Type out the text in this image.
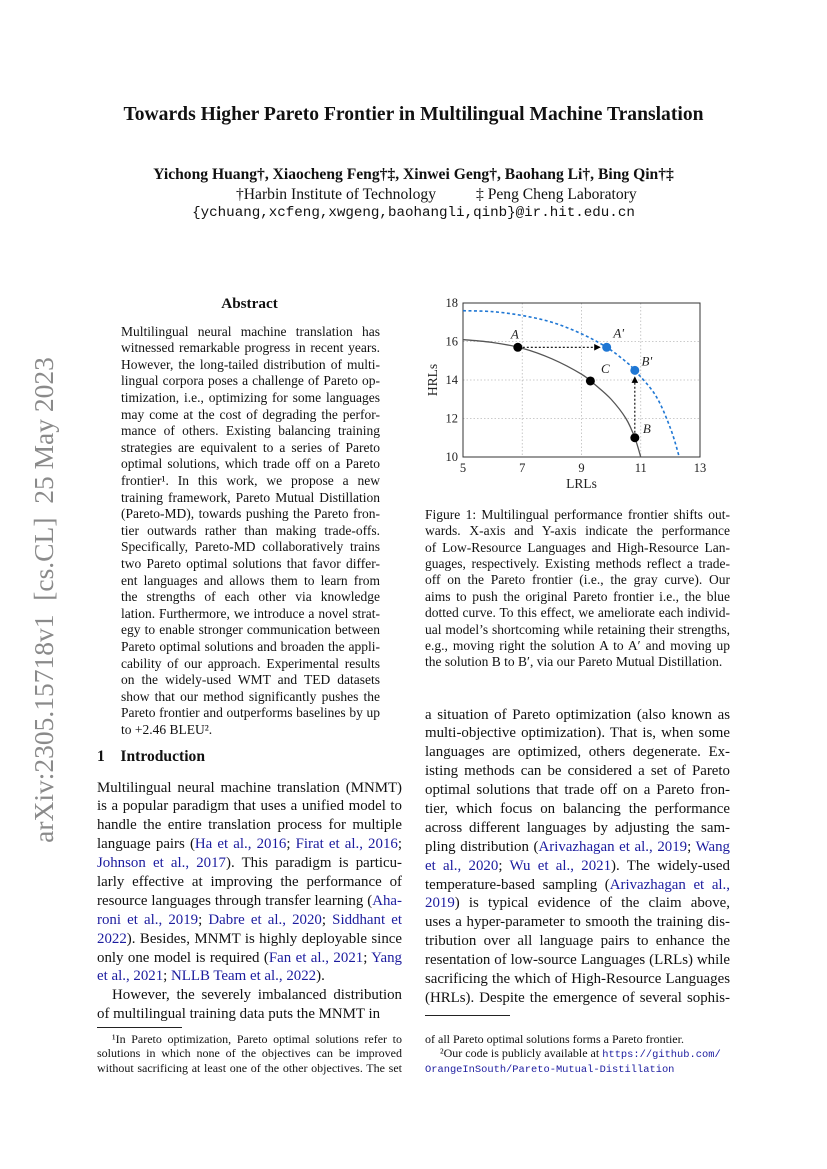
arXiv:2305.15718v1  [cs.CL]  25 May 2023
Towards Higher Pareto Frontier in Multilingual Machine Translation
Yichong Huang†, Xiaocheng Feng†‡, Xinwei Geng†, Baohang Li†, Bing Qin†‡
†Harbin Institute of Technology	‡ Peng Cheng Laboratory
{ychuang,xcfeng,xwgeng,baohangli,qinb}@ir.hit.edu.cn
Abstract
Multilingual neural machine translation has
witnessed remarkable progress in recent years.
However, the long-tailed distribution of multi-
lingual corpora poses a challenge of Pareto op-
timization, i.e., optimizing for some languages
may come at the cost of degrading the perfor-
mance of others. Existing balancing training
strategies are equivalent to a series of Pareto
optimal solutions, which trade off on a Pareto
frontier¹. In this work, we propose a new
training framework, Pareto Mutual Distillation
(Pareto-MD), towards pushing the Pareto fron-
tier outwards rather than making trade-offs.
Specifically, Pareto-MD collaboratively trains
two Pareto optimal solutions that favor differ-
ent languages and allows them to learn from
the strengths of each other via knowledge
lation. Furthermore, we introduce a novel strat-
egy to enable stronger communication between
Pareto optimal solutions and broaden the appli-
cability of our approach. Experimental results
on the widely-used WMT and TED datasets
show that our method significantly pushes the
Pareto frontier and outperforms baselines by up
to +2.46 BLEU².
1    Introduction
Multilingual neural machine translation (MNMT)
is a popular paradigm that uses a unified model to
handle the entire translation process for multiple
language pairs (Ha et al., 2016; Firat et al., 2016;
Johnson et al., 2017). This paradigm is particu-
larly effective at improving the performance of
resource languages through transfer learning (Aha-
roni et al., 2019; Dabre et al., 2020; Siddhant et
2022). Besides, MNMT is highly deployable since
only one model is required (Fan et al., 2021; Yang
et al., 2021; NLLB Team et al., 2022).
However, the severely imbalanced distribution
of multilingual training data puts the MNMT in
a situation of Pareto optimization (also known as
multi-objective optimization). That is, when some
languages are optimized, others degenerate. Ex-
isting methods can be considered a set of Pareto
optimal solutions that trade off on a Pareto fron-
tier, which focus on balancing the performance
across different languages by adjusting the sam-
pling distribution (Arivazhagan et al., 2019; Wang
et al., 2020; Wu et al., 2021). The widely-used
temperature-based sampling (Arivazhagan et al.,
2019) is typical evidence of the claim above,
uses a hyper-parameter to smooth the training dis-
tribution over all language pairs to enhance the
resentation of low-source Languages (LRLs) while
sacrificing the which of High-Resource Languages
(HRLs). Despite the emergence of several sophis-
5	7	9	11	13
10
12
14
16
18
LRLs
HRLs
A
C
B
A'
B'
Figure 1: Multilingual performance frontier shifts out-
wards. X-axis and Y-axis indicate the performance
of Low-Resource Languages and High-Resource Lan-
guages, respectively. Existing methods reflect a trade-
off on the Pareto frontier (i.e., the gray curve). Our
aims to push the original Pareto frontier i.e., the blue
dotted curve. To this effect, we ameliorate each individ-
ual model’s shortcoming while retaining their strengths,
e.g., moving right the solution A to A′ and moving up
the solution B to B′, via our Pareto Mutual Distillation.
¹In Pareto optimization, Pareto optimal solutions refer to
solutions in which none of the objectives can be improved
without sacrificing at least one of the other objectives. The set
of all Pareto optimal solutions forms a Pareto frontier.
²Our code is publicly available at https://github.com/
OrangeInSouth/Pareto-Mutual-Distillation
